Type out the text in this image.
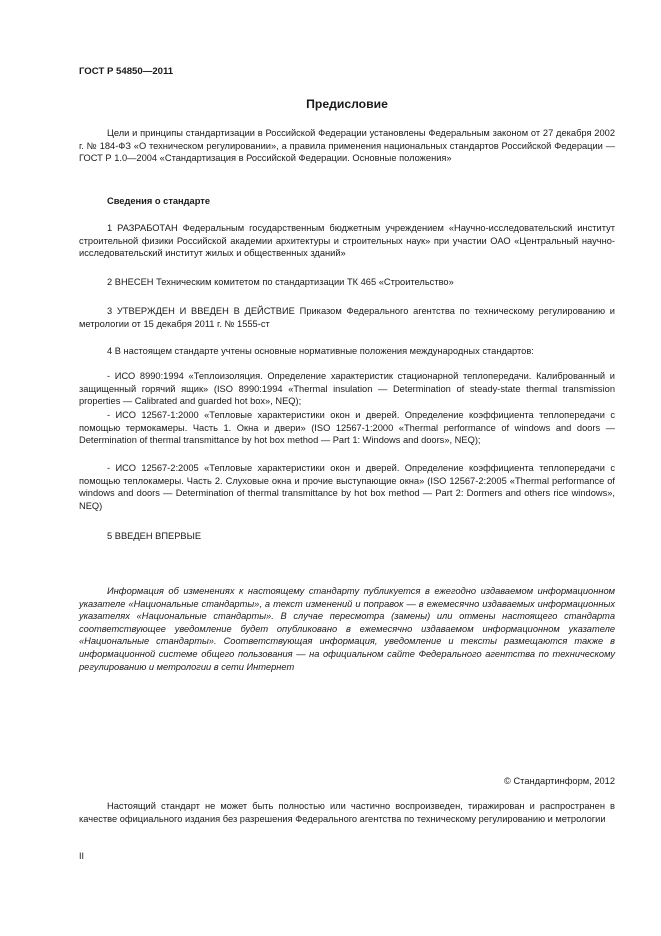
ГОСТ Р 54850—2011
Предисловие

Цели и принципы стандартизации в Российской Федерации установлены Федеральным законом от 27 декабря 2002 г. № 184-ФЗ «О техническом регулировании», а правила применения национальных стандартов Российской Федерации — ГОСТ Р 1.0—2004 «Стандартизация в Российской Федерации. Основные положения»

Сведения о стандарте

1 РАЗРАБОТАН Федеральным государственным бюджетным учреждением «Научно-исследовательский институт строительной физики Российской академии архитектуры и строительных наук» при участии ОАО «Центральный научно-исследовательский институт жилых и общественных зданий»

2 ВНЕСЕН Техническим комитетом по стандартизации ТК 465 «Строительство»

3 УТВЕРЖДЕН И ВВЕДЕН В ДЕЙСТВИЕ Приказом Федерального агентства по техническому регулированию и метрологии от 15 декабря 2011 г. № 1555-ст

4 В настоящем стандарте учтены основные нормативные положения международных стандартов:

- ИСО 8990:1994 «Теплоизоляция. Определение характеристик стационарной теплопередачи. Калиброванный и защищенный горячий ящик» (ISO 8990:1994 «Thermal insulation — Determination of steady-state thermal transmission properties — Calibrated and guarded hot box», NEQ);

- ИСО 12567-1:2000 «Тепловые характеристики окон и дверей. Определение коэффициента теплопередачи с помощью термокамеры. Часть 1. Окна и двери» (ISO 12567-1:2000 «Thermal performance of windows and doors — Determination of thermal transmittance by hot box method — Part 1: Windows and doors», NEQ);

- ИСО 12567-2:2005 «Тепловые характеристики окон и дверей. Определение коэффициента теплопередачи с помощью теплокамеры. Часть 2. Слуховые окна и прочие выступающие окна» (ISO 12567-2:2005 «Thermal performance of windows and doors — Determination of thermal transmittance by hot box method — Part 2: Dormers and others rice windows», NEQ)

5 ВВЕДЕН ВПЕРВЫЕ

Информация об изменениях к настоящему стандарту публикуется в ежегодно издаваемом информационном указателе «Национальные стандарты», а текст изменений и поправок — в ежемесячно издаваемых информационных указателях «Национальные стандарты». В случае пересмотра (замены) или отмены настоящего стандарта соответствующее уведомление будет опубликовано в ежемесячно издаваемом информационном указателе «Национальные стандарты». Соответствующая информация, уведомление и тексты размещаются также в информационной системе общего пользования — на официальном сайте Федерального агентства по техническому регулированию и метрологии в сети Интернет

© Стандартинформ, 2012

Настоящий стандарт не может быть полностью или частично воспроизведен, тиражирован и распространен в качестве официального издания без разрешения Федерального агентства по техническому регулированию и метрологии

II
